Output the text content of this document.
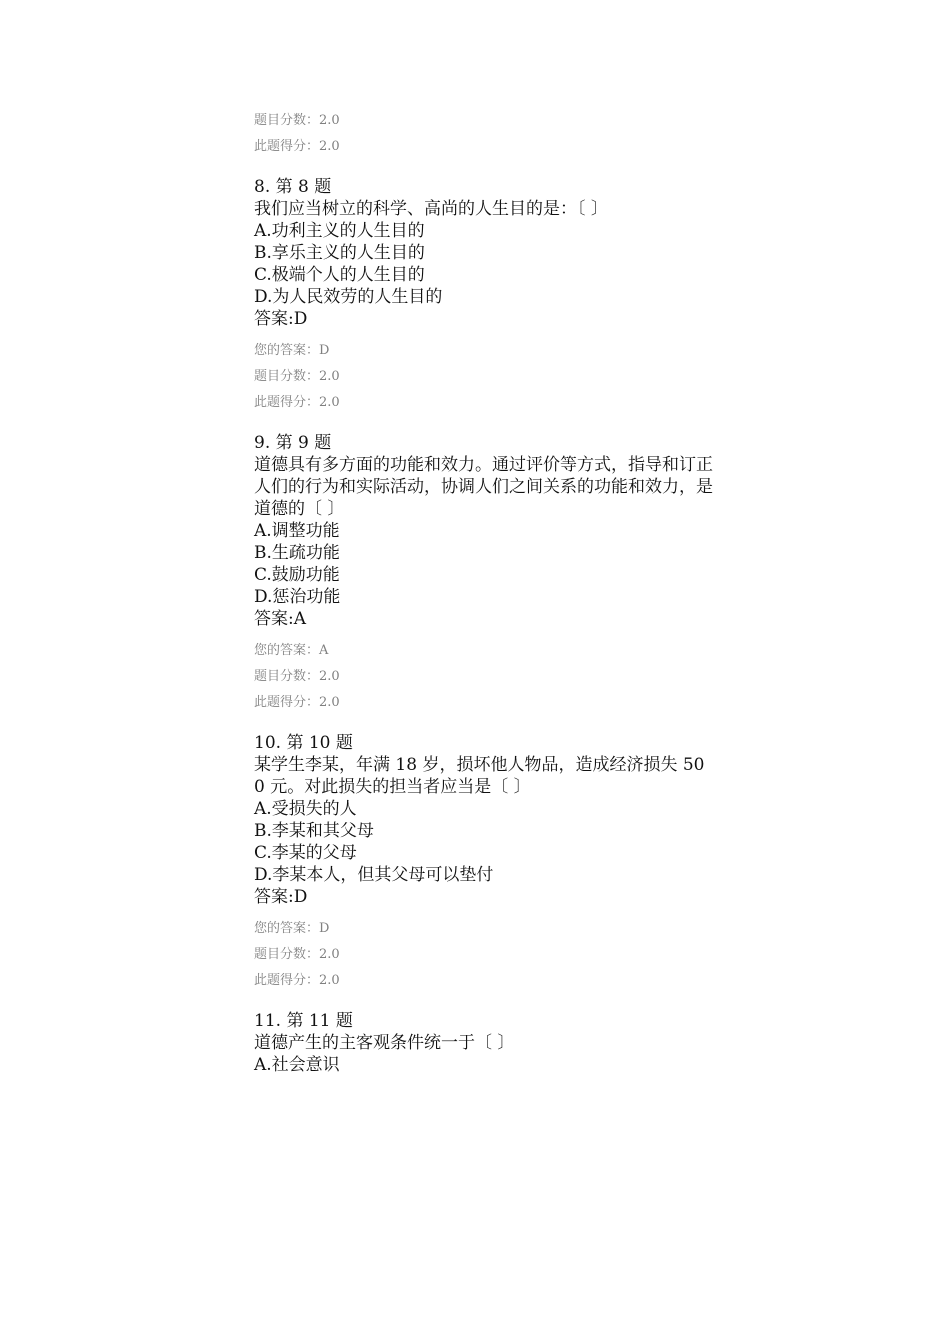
题目分数：2.0
此题得分：2.0
8. 第 8 题
我们应当树立的科学、高尚的人生目的是：〔 〕
A.功利主义的人生目的
B.享乐主义的人生目的
C.极端个人的人生目的
D.为人民效劳的人生目的
答案:D
您的答案：D
题目分数：2.0
此题得分：2.0
9. 第 9 题
道德具有多方面的功能和效力。通过评价等方式，指导和订正人们的行为和实际活动，协调人们之间关系的功能和效力，是道德的〔 〕
A.调整功能
B.生疏功能
C.鼓励功能
D.惩治功能
答案:A
您的答案：A
题目分数：2.0
此题得分：2.0
10. 第 10 题
某学生李某，年满 18 岁，损坏他人物品，造成经济损失 500 元。对此损失的担当者应当是〔 〕
A.受损失的人
B.李某和其父母
C.李某的父母
D.李某本人，但其父母可以垫付
答案:D
您的答案：D
题目分数：2.0
此题得分：2.0
11. 第 11 题
道德产生的主客观条件统一于〔 〕
A.社会意识
